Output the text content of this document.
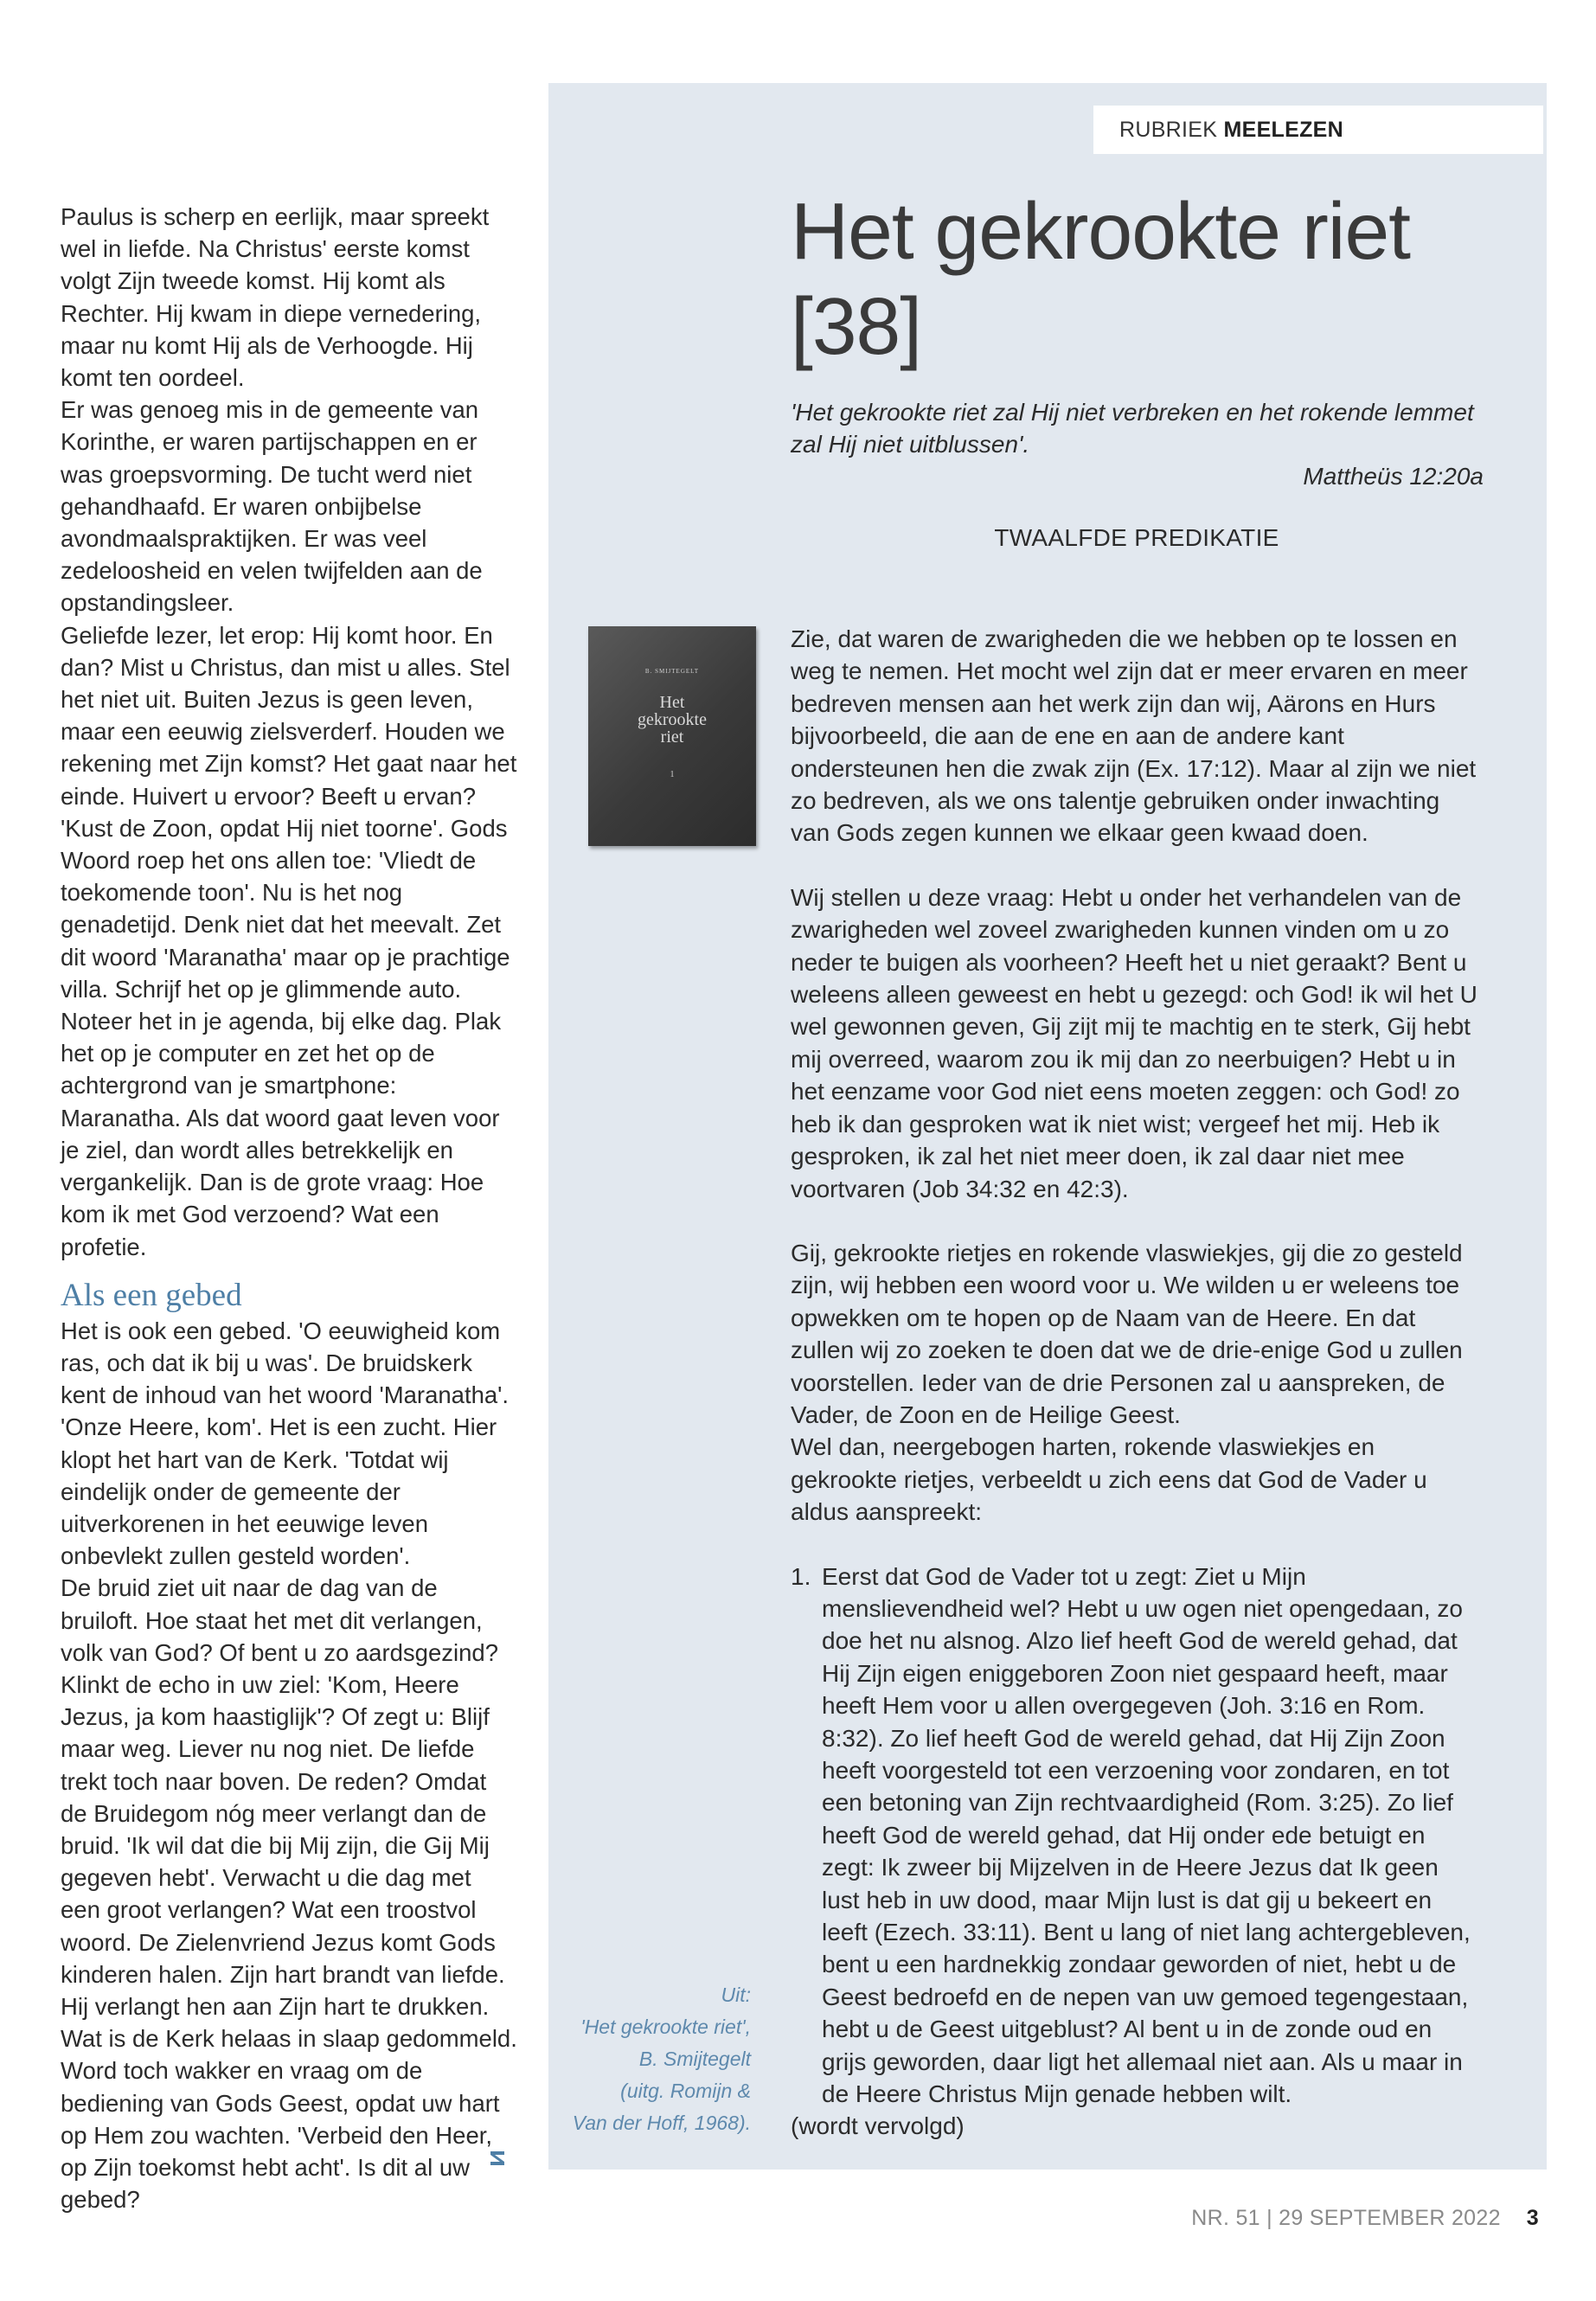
RUBRIEK MEELEZEN

Paulus is scherp en eerlijk, maar spreekt wel in liefde. Na Christus' eerste komst volgt Zijn tweede komst. Hij komt als Rechter. Hij kwam in diepe vernedering, maar nu komt Hij als de Verhoogde. Hij komt ten oordeel.

Er was genoeg mis in de gemeente van Korinthe, er waren partijschappen en er was groepsvorming. De tucht werd niet gehandhaafd. Er waren onbijbelse avondmaalspraktijken. Er was veel zedeloosheid en velen twijfelden aan de opstandingsleer.

Geliefde lezer, let erop: Hij komt hoor. En dan? Mist u Christus, dan mist u alles. Stel het niet uit. Buiten Jezus is geen leven, maar een eeuwig zielsverderf. Houden we rekening met Zijn komst? Het gaat naar het einde. Huivert u ervoor? Beeft u ervan? 'Kust de Zoon, opdat Hij niet toorne'. Gods Woord roep het ons allen toe: 'Vliedt de toekomende toon'. Nu is het nog genadetijd. Denk niet dat het meevalt. Zet dit woord 'Maranatha' maar op je prachtige villa. Schrijf het op je glimmende auto. Noteer het in je agenda, bij elke dag. Plak het op je computer en zet het op de achtergrond van je smartphone: Maranatha. Als dat woord gaat leven voor je ziel, dan wordt alles betrekkelijk en vergankelijk. Dan is de grote vraag: Hoe kom ik met God verzoend? Wat een profetie.

Als een gebed

Het is ook een gebed. 'O eeuwigheid kom ras, och dat ik bij u was'. De bruidskerk kent de inhoud van het woord 'Maranatha'. 'Onze Heere, kom'. Het is een zucht. Hier klopt het hart van de Kerk. 'Totdat wij eindelijk onder de gemeente der uitverkorenen in het eeuwige leven onbevlekt zullen gesteld worden'.

De bruid ziet uit naar de dag van de bruiloft. Hoe staat het met dit verlangen, volk van God? Of bent u zo aardsgezind? Klinkt de echo in uw ziel: 'Kom, Heere Jezus, ja kom haastiglijk'? Of zegt u: Blijf maar weg. Liever nu nog niet. De liefde trekt toch naar boven. De reden? Omdat de Bruidegom nóg meer verlangt dan de bruid. 'Ik wil dat die bij Mij zijn, die Gij Mij gegeven hebt'. Verwacht u die dag met een groot verlangen? Wat een troostvol woord. De Zielenvriend Jezus komt Gods kinderen halen. Zijn hart brandt van liefde. Hij verlangt hen aan Zijn hart te drukken. Wat is de Kerk helaas in slaap gedommeld. Word toch wakker en vraag om de bediening van Gods Geest, opdat uw hart op Hem zou wachten. 'Verbeid den Heer, op Zijn toekomst hebt acht'. Is dit al uw gebed?

Het gekrookte riet [38]
'Het gekrookte riet zal Hij niet verbreken en het rokende lemmet zal Hij niet uitblussen'.
Mattheüs 12:20a
TWAALFDE PREDIKATIE
B. SMIJTEGELT
Het
gekrookte
riet
1

Zie, dat waren de zwarigheden die we hebben op te lossen en weg te nemen. Het mocht wel zijn dat er meer ervaren en meer bedreven mensen aan het werk zijn dan wij, Aärons en Hurs bijvoorbeeld, die aan de ene en aan de andere kant ondersteunen hen die zwak zijn (Ex. 17:12). Maar al zijn we niet zo bedreven, als we ons talentje gebruiken onder inwachting van Gods zegen kunnen we elkaar geen kwaad doen.

Wij stellen u deze vraag: Hebt u onder het verhandelen van de zwarigheden wel zoveel zwarigheden kunnen vinden om u zo neder te buigen als voorheen? Heeft het u niet geraakt? Bent u weleens alleen geweest en hebt u gezegd: och God! ik wil het U wel gewonnen geven, Gij zijt mij te machtig en te sterk, Gij hebt mij overreed, waarom zou ik mij dan zo neerbuigen? Hebt u in het eenzame voor God niet eens moeten zeggen: och God! zo heb ik dan gesproken wat ik niet wist; vergeef het mij. Heb ik gesproken, ik zal het niet meer doen, ik zal daar niet mee voortvaren (Job 34:32 en 42:3).

Gij, gekrookte rietjes en rokende vlaswiekjes, gij die zo gesteld zijn, wij hebben een woord voor u. We wilden u er weleens toe opwekken om te hopen op de Naam van de Heere. En dat zullen wij zo zoeken te doen dat we de drie-enige God u zullen voorstellen. Ieder van de drie Personen zal u aanspreken, de Vader, de Zoon en de Heilige Geest.

Wel dan, neergebogen harten, rokende vlaswiekjes en gekrookte rietjes, verbeeldt u zich eens dat God de Vader u aldus aanspreekt:

1. Eerst dat God de Vader tot u zegt: Ziet u Mijn menslievendheid wel? Hebt u uw ogen niet opengedaan, zo doe het nu alsnog. Alzo lief heeft God de wereld gehad, dat Hij Zijn eigen eniggeboren Zoon niet gespaard heeft, maar heeft Hem voor u allen overgegeven (Joh. 3:16 en Rom. 8:32). Zo lief heeft God de wereld gehad, dat Hij Zijn Zoon heeft voorgesteld tot een verzoening voor zondaren, en tot een betoning van Zijn rechtvaardigheid (Rom. 3:25). Zo lief heeft God de wereld gehad, dat Hij onder ede betuigt en zegt: Ik zweer bij Mijzelven in de Heere Jezus dat Ik geen lust heb in uw dood, maar Mijn lust is dat gij u bekeert en leeft (Ezech. 33:11). Bent u lang of niet lang achtergebleven, bent u een hardnekkig zondaar geworden of niet, hebt u de Geest bedroefd en de nepen van uw gemoed tegengestaan, hebt u de Geest uitgeblust? Al bent u in de zonde oud en grijs geworden, daar ligt het allemaal niet aan. Als u maar in de Heere Christus Mijn genade hebben wilt.

(wordt vervolgd)

Uit:
'Het gekrookte riet',
B. Smijtegelt
(uitg. Romijn &
Van der Hoff, 1968).
NR. 51 | 29 SEPTEMBER 2022 3
